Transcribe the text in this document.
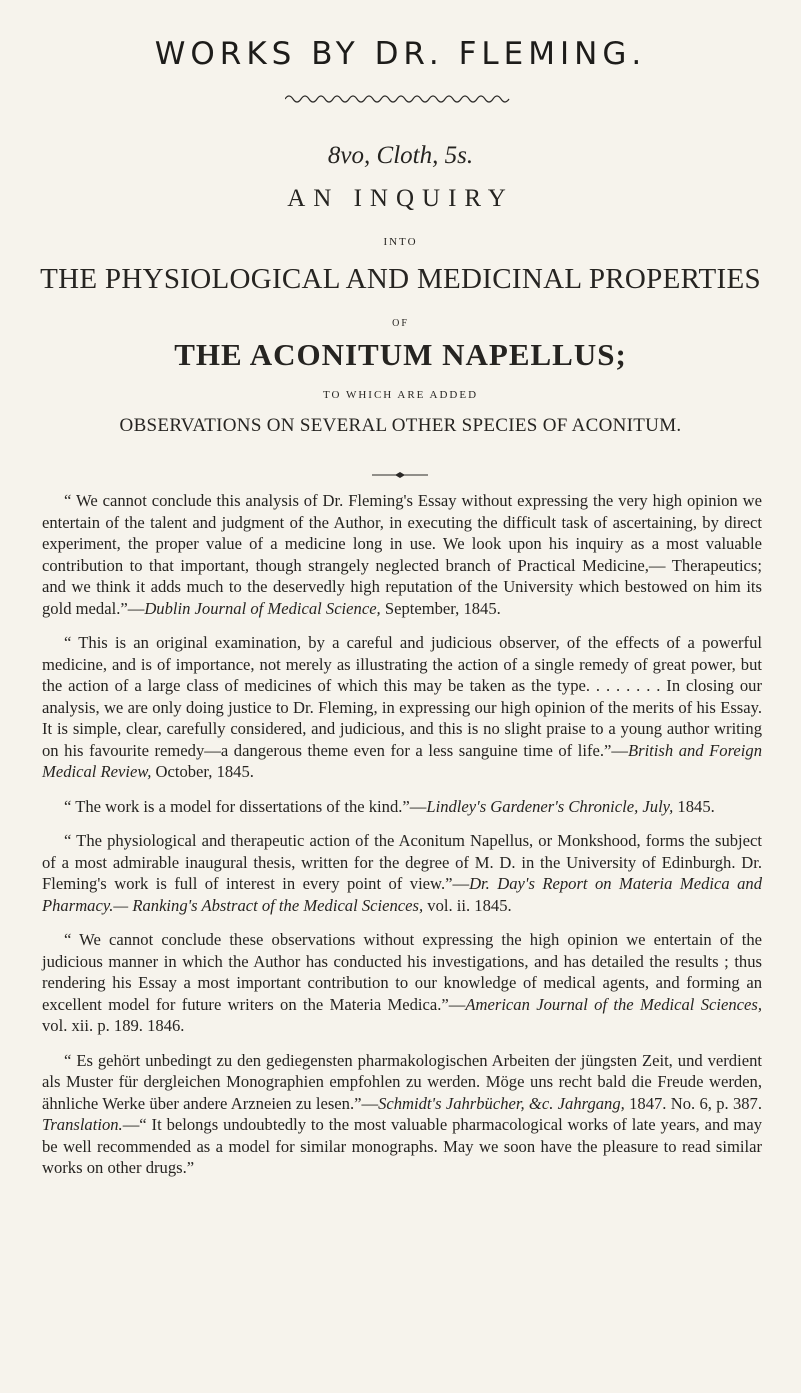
WORKS BY DR. FLEMING.
8vo, Cloth, 5s.
AN INQUIRY
INTO
THE PHYSIOLOGICAL AND MEDICINAL PROPERTIES
OF
THE ACONITUM NAPELLUS;
TO WHICH ARE ADDED
OBSERVATIONS ON SEVERAL OTHER SPECIES OF ACONITUM.

“ We cannot conclude this analysis of Dr. Fleming's Essay without expressing the very high opinion we entertain of the talent and judgment of the Author, in executing the difficult task of ascertaining, by direct experiment, the proper value of a medicine long in use. We look upon his inquiry as a most valuable contribution to that important, though strangely neglected branch of Practical Medicine,— Therapeutics; and we think it adds much to the deservedly high reputation of the University which bestowed on him its gold medal.”—Dublin Journal of Medical Science, September, 1845.

“ This is an original examination, by a careful and judicious observer, of the effects of a powerful medicine, and is of importance, not merely as illustrating the action of a single remedy of great power, but the action of a large class of medicines of which this may be taken as the type. . . . . . . . In closing our analysis, we are only doing justice to Dr. Fleming, in expressing our high opinion of the merits of his Essay. It is simple, clear, carefully considered, and judicious, and this is no slight praise to a young author writing on his favourite remedy—a dangerous theme even for a less sanguine time of life.”—British and Foreign Medical Review, October, 1845.

“ The work is a model for dissertations of the kind.”—Lindley's Gardener's Chronicle, July, 1845.

“ The physiological and therapeutic action of the Aconitum Napellus, or Monkshood, forms the subject of a most admirable inaugural thesis, written for the degree of M. D. in the University of Edinburgh. Dr. Fleming's work is full of interest in every point of view.”—Dr. Day's Report on Materia Medica and Pharmacy.— Ranking's Abstract of the Medical Sciences, vol. ii. 1845.

“ We cannot conclude these observations without expressing the high opinion we entertain of the judicious manner in which the Author has conducted his investigations, and has detailed the results ; thus rendering his Essay a most important contribution to our knowledge of medical agents, and forming an excellent model for future writers on the Materia Medica.”—American Journal of the Medical Sciences, vol. xii. p. 189. 1846.

“ Es gehört unbedingt zu den gediegensten pharmakologischen Arbeiten der jüngsten Zeit, und verdient als Muster für dergleichen Monographien empfohlen zu werden. Möge uns recht bald die Freude werden, ähnliche Werke über andere Arzneien zu lesen.”—Schmidt's Jahrbücher, &c. Jahrgang, 1847. No. 6, p. 387. Translation.—“ It belongs undoubtedly to the most valuable pharmacological works of late years, and may be well recommended as a model for similar monographs. May we soon have the pleasure to read similar works on other drugs.”
